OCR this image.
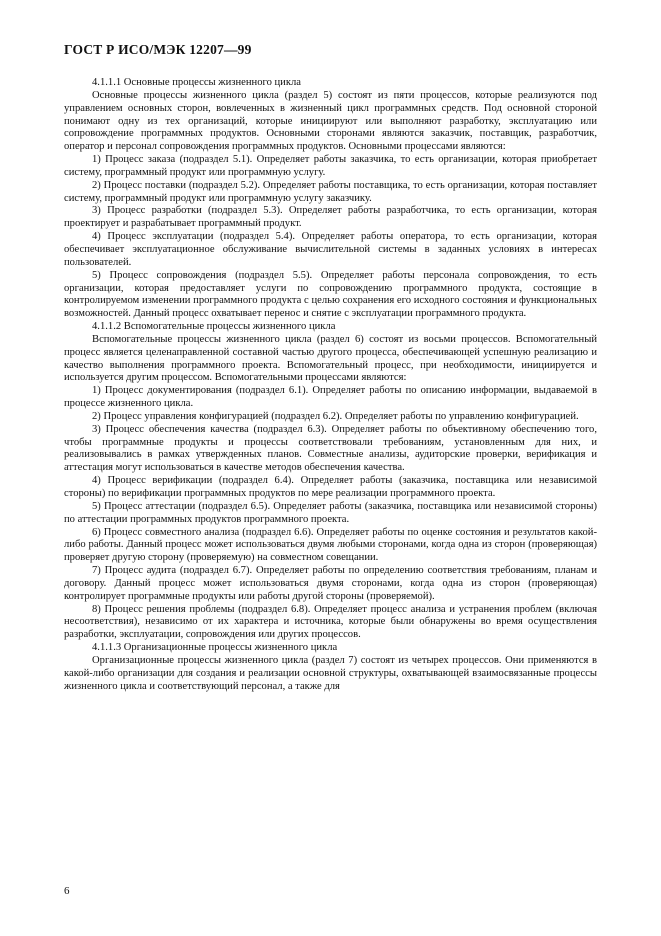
ГОСТ Р ИСО/МЭК 12207—99

4.1.1.1 Основные процессы жизненного цикла

Основные процессы жизненного цикла (раздел 5) состоят из пяти процессов, которые реализуются под управлением основных сторон, вовлеченных в жизненный цикл программных средств. Под основной стороной понимают одну из тех организаций, которые инициируют или выполняют разработку, эксплуатацию или сопровождение программных продуктов. Основными сторонами являются заказчик, поставщик, разработчик, оператор и персонал сопровождения программных продуктов. Основными процессами являются:

1) Процесс заказа (подраздел 5.1). Определяет работы заказчика, то есть организации, которая приобретает систему, программный продукт или программную услугу.

2) Процесс поставки (подраздел 5.2). Определяет работы поставщика, то есть организации, которая поставляет систему, программный продукт или программную услугу заказчику.

3) Процесс разработки (подраздел 5.3). Определяет работы разработчика, то есть организации, которая проектирует и разрабатывает программный продукт.

4) Процесс эксплуатации (подраздел 5.4). Определяет работы оператора, то есть организации, которая обеспечивает эксплуатационное обслуживание вычислительной системы в заданных условиях в интересах пользователей.

5) Процесс сопровождения (подраздел 5.5). Определяет работы персонала сопровождения, то есть организации, которая предоставляет услуги по сопровождению программного продукта, состоящие в контролируемом изменении программного продукта с целью сохранения его исходного состояния и функциональных возможностей. Данный процесс охватывает перенос и снятие с эксплуатации программного продукта.

4.1.1.2 Вспомогательные процессы жизненного цикла

Вспомогательные процессы жизненного цикла (раздел 6) состоят из восьми процессов. Вспомогательный процесс является целенаправленной составной частью другого процесса, обеспечивающей успешную реализацию и качество выполнения программного проекта. Вспомогательный процесс, при необходимости, инициируется и используется другим процессом. Вспомогательными процессами являются:

1) Процесс документирования (подраздел 6.1). Определяет работы по описанию информации, выдаваемой в процессе жизненного цикла.

2) Процесс управления конфигурацией (подраздел 6.2). Определяет работы по управлению конфигурацией.

3) Процесс обеспечения качества (подраздел 6.3). Определяет работы по объективному обеспечению того, чтобы программные продукты и процессы соответствовали требованиям, установленным для них, и реализовывались в рамках утвержденных планов. Совместные анализы, аудиторские проверки, верификация и аттестация могут использоваться в качестве методов обеспечения качества.

4) Процесс верификации (подраздел 6.4). Определяет работы (заказчика, поставщика или независимой стороны) по верификации программных продуктов по мере реализации программного проекта.

5) Процесс аттестации (подраздел 6.5). Определяет работы (заказчика, поставщика или независимой стороны) по аттестации программных продуктов программного проекта.

6) Процесс совместного анализа (подраздел 6.6). Определяет работы по оценке состояния и результатов какой-либо работы. Данный процесс может использоваться двумя любыми сторонами, когда одна из сторон (проверяющая) проверяет другую сторону (проверяемую) на совместном совещании.

7) Процесс аудита (подраздел 6.7). Определяет работы по определению соответствия требованиям, планам и договору. Данный процесс может использоваться двумя сторонами, когда одна из сторон (проверяющая) контролирует программные продукты или работы другой стороны (проверяемой).

8) Процесс решения проблемы (подраздел 6.8). Определяет процесс анализа и устранения проблем (включая несоответствия), независимо от их характера и источника, которые были обнаружены во время осуществления разработки, эксплуатации, сопровождения или других процессов.

4.1.1.3 Организационные процессы жизненного цикла

Организационные процессы жизненного цикла (раздел 7) состоят из четырех процессов. Они применяются в какой-либо организации для создания и реализации основной структуры, охватывающей взаимосвязанные процессы жизненного цикла и соответствующий персонал, а также для

6
